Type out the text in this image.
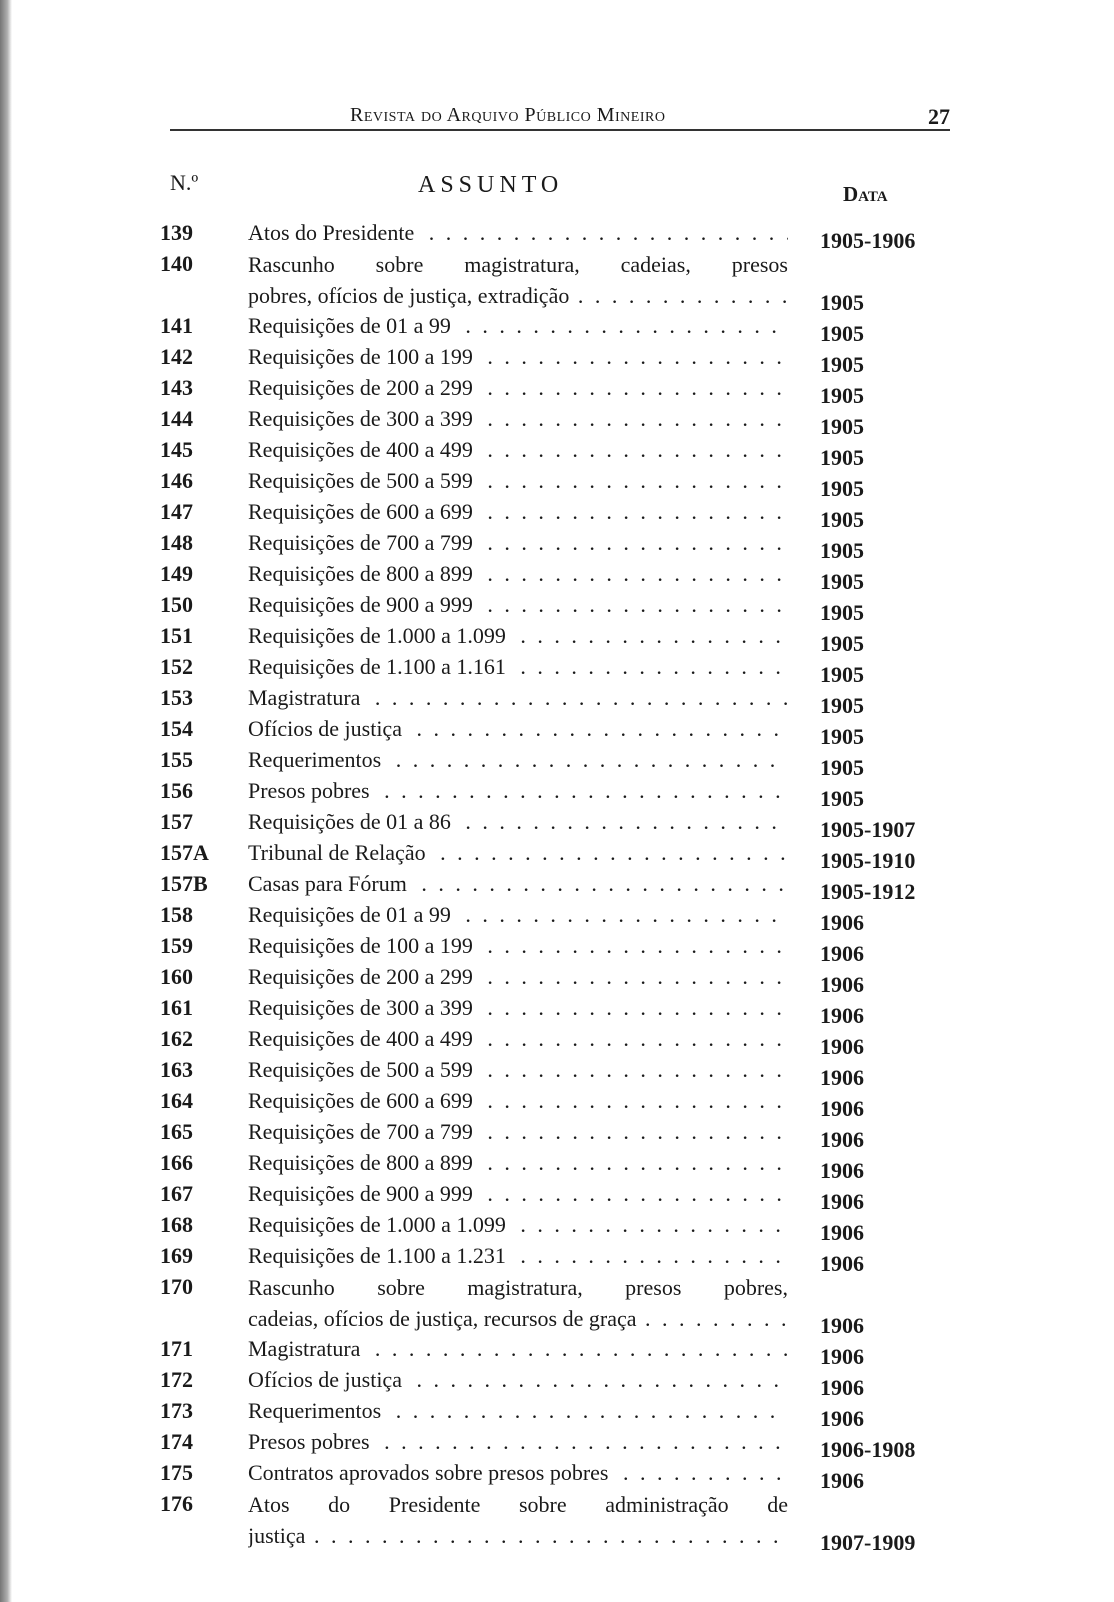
Revista do Arquivo Público Mineiro	27
N.º	ASSUNTO	Data
139	Atos do Presidente . . .	1905-1906
140	Rascunho sobre magistratura, cadeias, presos
pobres, ofícios de justiça, extradição . . .	1905
141	Requisições de 01 a 99 . . .	1905
142	Requisições de 100 a 199 . . .	1905
143	Requisições de 200 a 299 . . .	1905
144	Requisições de 300 a 399 . . .	1905
145	Requisições de 400 a 499 . . .	1905
146	Requisições de 500 a 599 . . .	1905
147	Requisições de 600 a 699 . . .	1905
148	Requisições de 700 a 799 . . .	1905
149	Requisições de 800 a 899 . . .	1905
150	Requisições de 900 a 999 . . .	1905
151	Requisições de 1.000 a 1.099 . . .	1905
152	Requisições de 1.100 a 1.161 . . .	1905
153	Magistratura . . .	1905
154	Ofícios de justiça . . .	1905
155	Requerimentos . . .	1905
156	Presos pobres . . .	1905
157	Requisições de 01 a 86 . . .	1905-1907
157A	Tribunal de Relação . . .	1905-1910
157B	Casas para Fórum . . .	1905-1912
158	Requisições de 01 a 99 . . .	1906
159	Requisições de 100 a 199 . . .	1906
160	Requisições de 200 a 299 . . .	1906
161	Requisições de 300 a 399 . . .	1906
162	Requisições de 400 a 499 . . .	1906
163	Requisições de 500 a 599 . . .	1906
164	Requisições de 600 a 699 . . .	1906
165	Requisições de 700 a 799 . . .	1906
166	Requisições de 800 a 899 . . .	1906
167	Requisições de 900 a 999 . . .	1906
168	Requisições de 1.000 a 1.099 . . .	1906
169	Requisições de 1.100 a 1.231 . . .	1906
170	Rascunho sobre magistratura, presos pobres,
cadeias, ofícios de justiça, recursos de graça . . .	1906
171	Magistratura . . .	1906
172	Ofícios de justiça . . .	1906
173	Requerimentos . . .	1906
174	Presos pobres . . .	1906-1908
175	Contratos aprovados sobre presos pobres . . .	1906
176	Atos do Presidente sobre administração de
justiça . . .	1907-1909
